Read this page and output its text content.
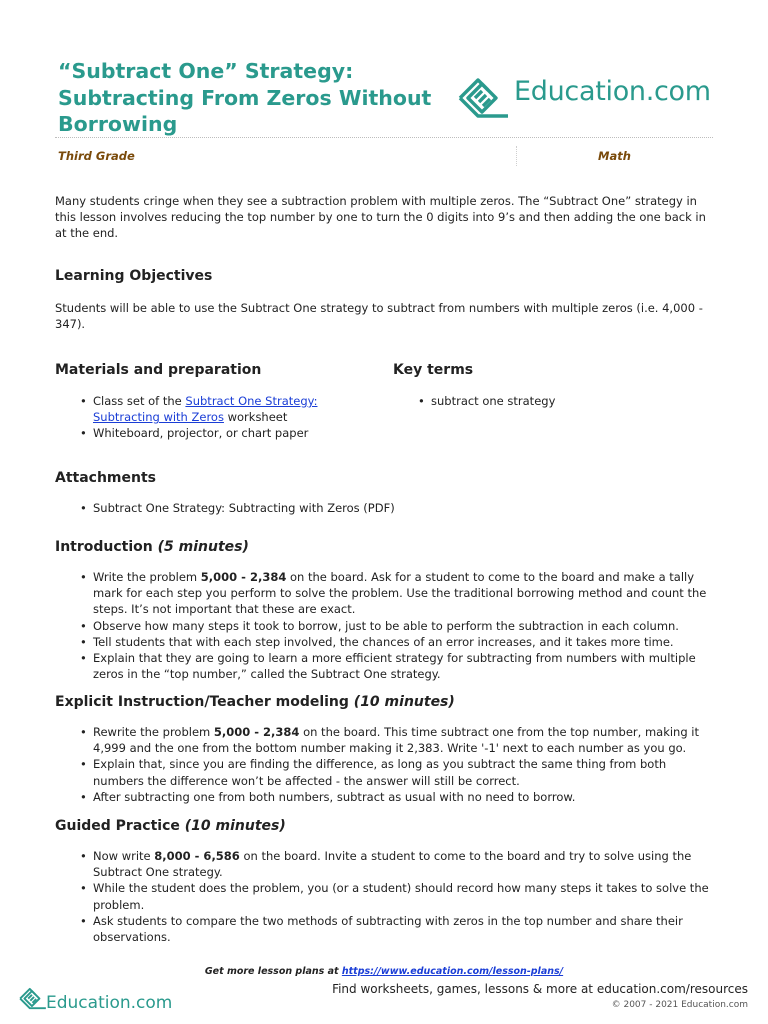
“Subtract One” Strategy:
Subtracting From Zeros Without
Borrowing
Education.com
Third Grade	Math

Many students cringe when they see a subtraction problem with multiple zeros. The “Subtract One” strategy in this lesson involves reducing the top number by one to turn the 0 digits into 9’s and then adding the one back in at the end.

Learning Objectives

Students will be able to use the Subtract One strategy to subtract from numbers with multiple zeros (i.e. 4,000 - 347).

Materials and preparation
• Class set of the Subtract One Strategy: Subtracting with Zeros worksheet
• Whiteboard, projector, or chart paper
Key terms
• subtract one strategy
Attachments
• Subtract One Strategy: Subtracting with Zeros (PDF)
Introduction (5 minutes)
• Write the problem 5,000 - 2,384 on the board. Ask for a student to come to the board and make a tally mark for each step you perform to solve the problem. Use the traditional borrowing method and count the steps. It’s not important that these are exact.
• Observe how many steps it took to borrow, just to be able to perform the subtraction in each column.
• Tell students that with each step involved, the chances of an error increases, and it takes more time.
• Explain that they are going to learn a more efficient strategy for subtracting from numbers with multiple zeros in the “top number,” called the Subtract One strategy.
Explicit Instruction/Teacher modeling (10 minutes)
• Rewrite the problem 5,000 - 2,384 on the board. This time subtract one from the top number, making it 4,999 and the one from the bottom number making it 2,383. Write '-1' next to each number as you go.
• Explain that, since you are finding the difference, as long as you subtract the same thing from both numbers the difference won’t be affected - the answer will still be correct.
• After subtracting one from both numbers, subtract as usual with no need to borrow.
Guided Practice (10 minutes)
• Now write 8,000 - 6,586 on the board. Invite a student to come to the board and try to solve using the Subtract One strategy.
• While the student does the problem, you (or a student) should record how many steps it takes to solve the problem.
• Ask students to compare the two methods of subtracting with zeros in the top number and share their observations.
Get more lesson plans at https://www.education.com/lesson-plans/
Education.com
Find worksheets, games, lessons & more at education.com/resources
© 2007 - 2021 Education.com
